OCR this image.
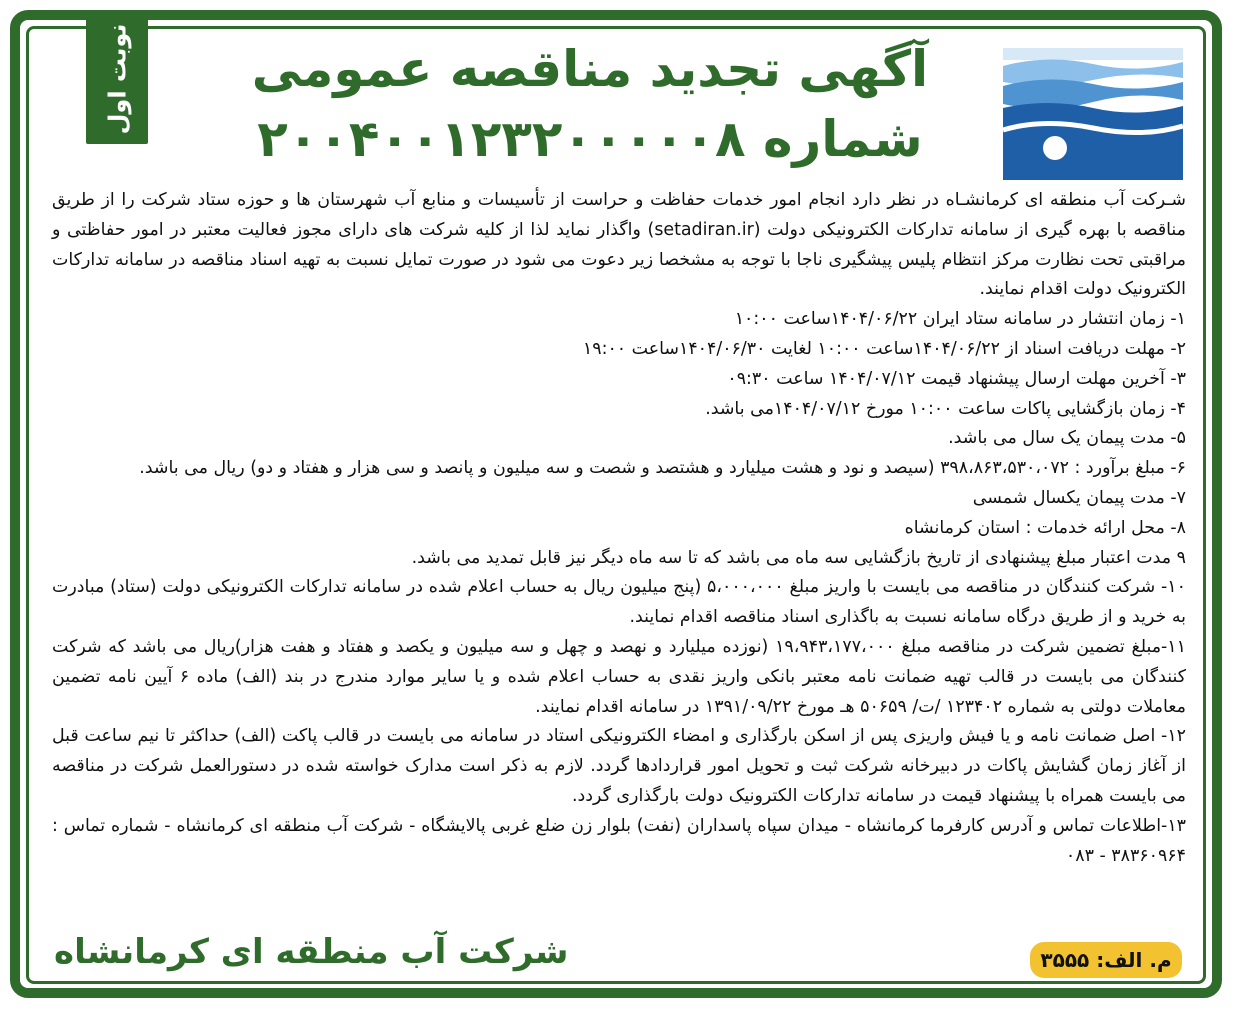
نوبت اول	آگهی تجدید مناقصه عمومی
شماره ۲۰۰۴۰۰۱۲۳۲۰۰۰۰۰۸

شـرکت آب منطقه ای کرمانشـاه در نظر دارد انجام امور خدمات حفاظت و حراست از تأسیسات و منابع آب شهرستان ها و حوزه ستاد شرکت را از طریق مناقصه با بهره گیری از سامانه تدارکات الکترونیکی دولت (setadiran.ir) واگذار نماید لذا از کلیه شرکت های دارای مجوز فعالیت معتبر در امور حفاظتی و مراقبتی تحت نظارت مرکز انتظام پلیس پیشگیری ناجا با توجه به مشخصا زیر دعوت می شود در صورت تمایل نسبت به تهیه اسناد مناقصه در سامانه تدارکات الکترونیک دولت اقدام نمایند.

۱- زمان انتشار در سامانه ستاد ایران ۱۴۰۴/۰۶/۲۲ساعت ۱۰:۰۰

۲- مهلت دریافت اسناد از ۱۴۰۴/۰۶/۲۲ساعت ۱۰:۰۰ لغایت ۱۴۰۴/۰۶/۳۰ساعت ۱۹:۰۰

۳- آخرین مهلت ارسال پیشنهاد قیمت ۱۴۰۴/۰۷/۱۲ ساعت ۰۹:۳۰

۴- زمان بازگشایی پاکات ساعت ۱۰:۰۰ مورخ ۱۴۰۴/۰۷/۱۲می باشد.

۵- مدت پیمان یک سال می باشد.

۶- مبلغ برآورد : ۳۹۸،۸۶۳،۵۳۰،۰۷۲ (سیصد و نود و هشت میلیارد و هشتصد و شصت و سه میلیون و پانصد و سی هزار و هفتاد و دو) ریال می باشد.

۷- مدت پیمان یکسال شمسی

۸- محل ارائه خدمات : استان کرمانشاه

۹ مدت اعتبار مبلغ پیشنهادی از تاریخ بازگشایی سه ماه می باشد که تا سه ماه دیگر نیز قابل تمدید می باشد.

۱۰- شرکت کنندگان در مناقصه می بایست با واریز مبلغ ۵،۰۰۰،۰۰۰ (پنج میلیون ریال به حساب اعلام شده در سامانه تدارکات الکترونیکی دولت (ستاد) مبادرت به خرید و از طریق درگاه سامانه نسبت به باگذاری اسناد مناقصه اقدام نمایند.

۱۱-مبلغ تضمین شرکت در مناقصه مبلغ ۱۹،۹۴۳،۱۷۷،۰۰۰ (نوزده میلیارد و نهصد و چهل و سه میلیون و یکصد و هفتاد و هفت هزار)ریال می باشد که شرکت کنندگان می بایست در قالب تهیه ضمانت نامه معتبر بانکی واریز نقدی به حساب اعلام شده و یا سایر موارد مندرج در بند (الف) ماده ۶ آیین نامه تضمین معاملات دولتی به شماره ۱۲۳۴۰۲ /ت/ ۵۰۶۵۹ هـ مورخ ۱۳۹۱/۰۹/۲۲ در سامانه اقدام نمایند.

۱۲- اصل ضمانت نامه و یا فیش واریزی پس از اسکن بارگذاری و امضاء الکترونیکی استاد در سامانه می بایست در قالب پاکت (الف) حداکثر تا نیم ساعت قبل از آغاز زمان گشایش پاکات در دبیرخانه شرکت ثبت و تحویل امور قراردادها گردد. لازم به ذکر است مدارک خواسته شده در دستورالعمل شرکت در مناقصه می بایست همراه با پیشنهاد قیمت در سامانه تدارکات الکترونیک دولت بارگذاری گردد.

۱۳-اطلاعات تماس و آدرس کارفرما کرمانشاه - میدان سپاه پاسداران (نفت) بلوار زن ضلع غربی پالایشگاه - شرکت آب منطقه ای کرمانشاه - شماره تماس : ۳۸۳۶۰۹۶۴ - ۰۸۳

شرکت آب منطقه ای کرمانشاه	م. الف: ۳۵۵۵
